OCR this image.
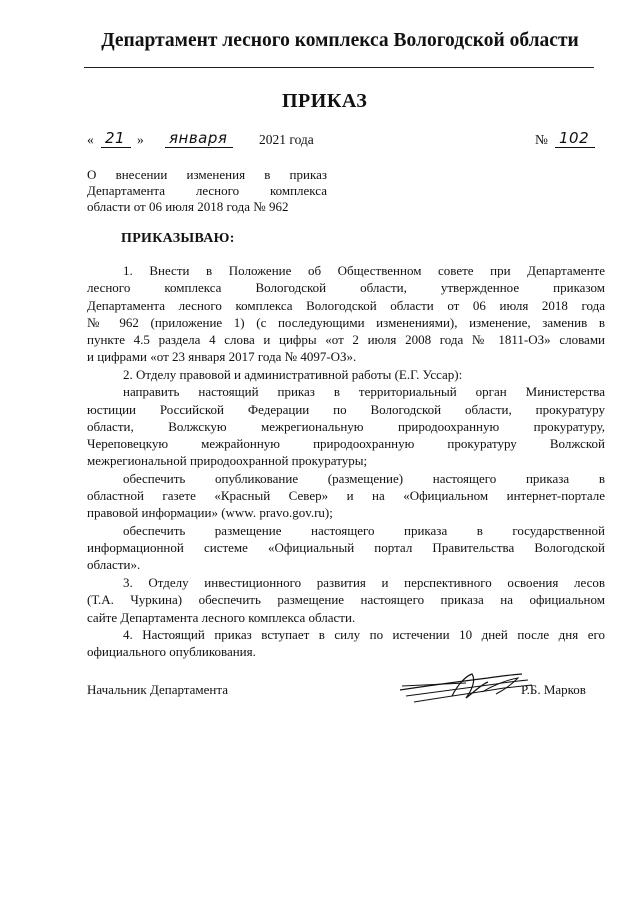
Департамент лесного комплекса Вологодской области
ПРИКАЗ
« 21 » января	2021 года	№ 102
О внесении изменения в приказ
Департамента лесного комплекса
области от 06 июля 2018 года № 962
ПРИКАЗЫВАЮ:
1. Внести в Положение об Общественном совете при Департаменте
лесного комплекса Вологодской области, утвержденное приказом
Департамента лесного комплекса Вологодской области от 06 июля 2018 года
№ 962 (приложение 1) (с последующими изменениями), изменение, заменив в
пункте 4.5 раздела 4 слова и цифры «от 2 июля 2008 года № 1811-ОЗ» словами
и цифрами «от 23 января 2017 года № 4097-ОЗ».
2. Отделу правовой и административной работы (Е.Г. Уссар):
направить настоящий приказ в территориальный орган Министерства
юстиции Российской Федерации по Вологодской области, прокуратуру
области, Волжскую межрегиональную природоохранную прокуратуру,
Череповецкую межрайонную природоохранную прокуратуру Волжской
межрегиональной природоохранной прокуратуры;
обеспечить опубликование (размещение) настоящего приказа в
областной газете «Красный Север» и на «Официальном интернет-портале
правовой информации» (www. pravo.gov.ru);
обеспечить размещение настоящего приказа в государственной
информационной системе «Официальный портал Правительства Вологодской
области».
3. Отделу инвестиционного развития и перспективного освоения лесов
(Т.А. Чуркина) обеспечить размещение настоящего приказа на официальном
сайте Департамента лесного комплекса области.
4. Настоящий приказ вступает в силу по истечении 10 дней после дня его
официального опубликования.
Начальник Департамента	Р.Б. Марков
